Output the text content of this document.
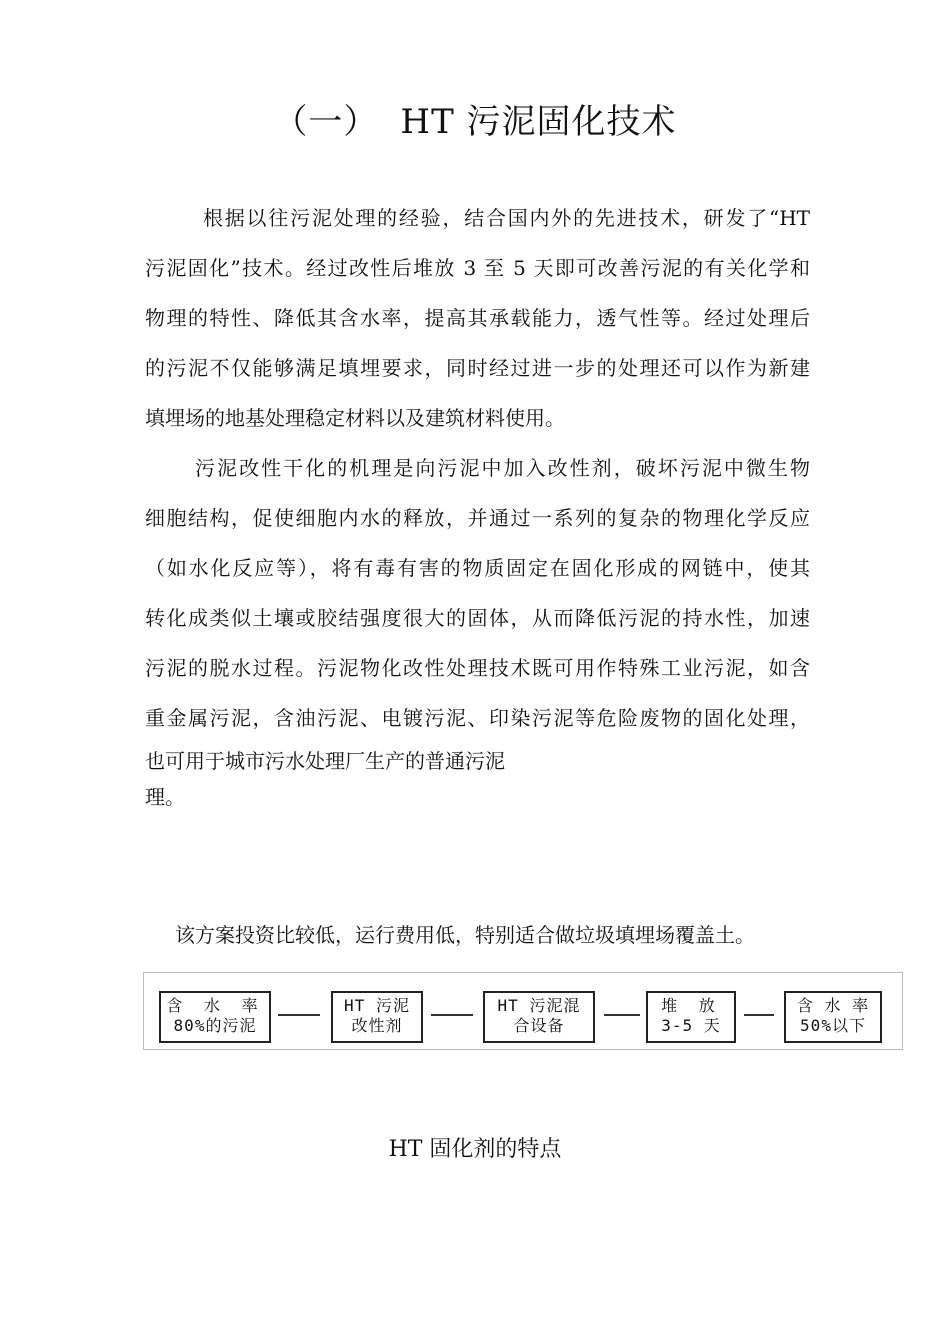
（一） HT 污泥固化技术
根据以往污泥处理的经验，结合国内外的先进技术，研发了“HT
污泥固化”技术。经过改性后堆放 3 至 5 天即可改善污泥的有关化学和
物理的特性、降低其含水率，提高其承载能力，透气性等。经过处理后
的污泥不仅能够满足填埋要求，同时经过进一步的处理还可以作为新建
填埋场的地基处理稳定材料以及建筑材料使用。
污泥改性干化的机理是向污泥中加入改性剂，破坏污泥中微生物
细胞结构，促使细胞内水的释放，并通过一系列的复杂的物理化学反应
（如水化反应等），将有毒有害的物质固定在固化形成的网链中，使其
转化成类似土壤或胶结强度很大的固体，从而降低污泥的持水性，加速
污泥的脱水过程。污泥物化改性处理技术既可用作特殊工业污泥，如含
重金属污泥，含油污泥、电镀污泥、印染污泥等危险废物的固化处理，
也可用于城市污水处理厂生产的普通污泥
理。
该方案投资比较低，运行费用低，特别适合做垃圾填埋场覆盖土。
含 水 率
80%的污泥
HT 污泥
改性剂
HT 污泥混
合设备
堆 放
3-5 天
含 水 率
50%以下
HT 固化剂的特点
